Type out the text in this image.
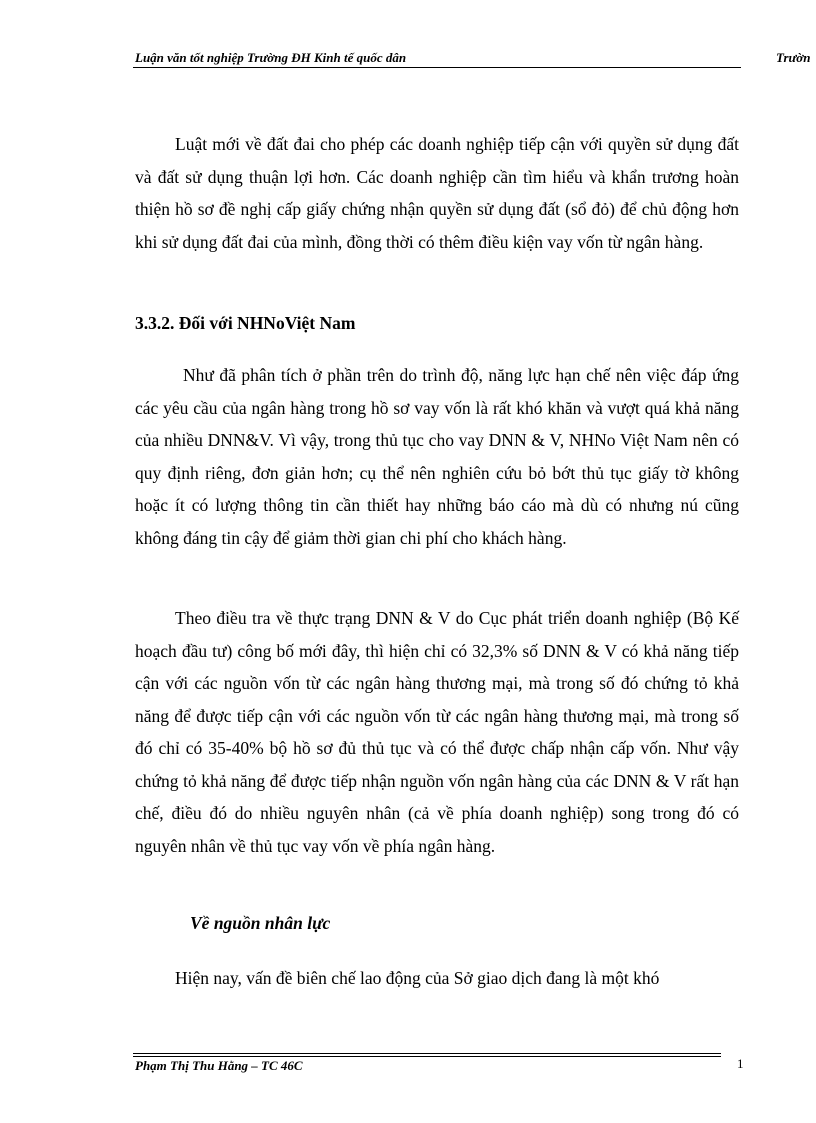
Luận văn tốt nghiệp Trường ĐH Kinh tế quốc dân	Trườn

Luật mới về đất đai cho phép các doanh nghiệp tiếp cận với quyền sử dụng đất và đất sử dụng thuận lợi hơn. Các doanh nghiệp cần tìm hiểu và khẩn trương hoàn thiện hồ sơ đề nghị cấp giấy chứng nhận quyền sử dụng đất (sổ đỏ) để chủ động hơn khi sử dụng đất đai của mình, đồng thời có thêm điều kiện vay vốn từ ngân hàng.

3.3.2. Đối với NHNoViệt Nam

Như đã phân tích ở phần trên do trình độ, năng lực hạn chế nên việc đáp ứng các yêu cầu của ngân hàng trong hồ sơ vay vốn là rất khó khăn và vượt quá khả năng của nhiều DNN&V. Vì vậy, trong thủ tục cho vay DNN & V, NHNo Việt Nam nên có quy định riêng, đơn giản hơn; cụ thể nên nghiên cứu bỏ bớt thủ tục giấy tờ không hoặc ít có lượng thông tin cần thiết hay những báo cáo mà dù có nhưng nú cũng không đáng tin cậy để giảm thời gian chi phí cho khách hàng.

Theo điều tra về thực trạng DNN & V do Cục phát triển doanh nghiệp (Bộ Kế hoạch đầu tư) công bố mới đây, thì hiện chỉ có 32,3% số DNN & V có khả năng tiếp cận với các nguồn vốn từ các ngân hàng thương mại, mà trong số đó chứng tỏ khả năng để được tiếp cận với các nguồn vốn từ các ngân hàng thương mại, mà trong số đó chỉ có 35-40% bộ hồ sơ đủ thủ tục và có thể được chấp nhận cấp vốn. Như vậy chứng tỏ khả năng để được tiếp nhận nguồn vốn ngân hàng của các DNN & V rất hạn chế, điều đó do nhiều nguyên nhân (cả về phía doanh nghiệp) song trong đó có nguyên nhân về thủ tục vay vốn về phía ngân hàng.

Về nguồn nhân lực
Hiện nay, vấn đề biên chế lao động của Sở giao dịch đang là một khó
Phạm Thị Thu Hằng – TC 46C	1
